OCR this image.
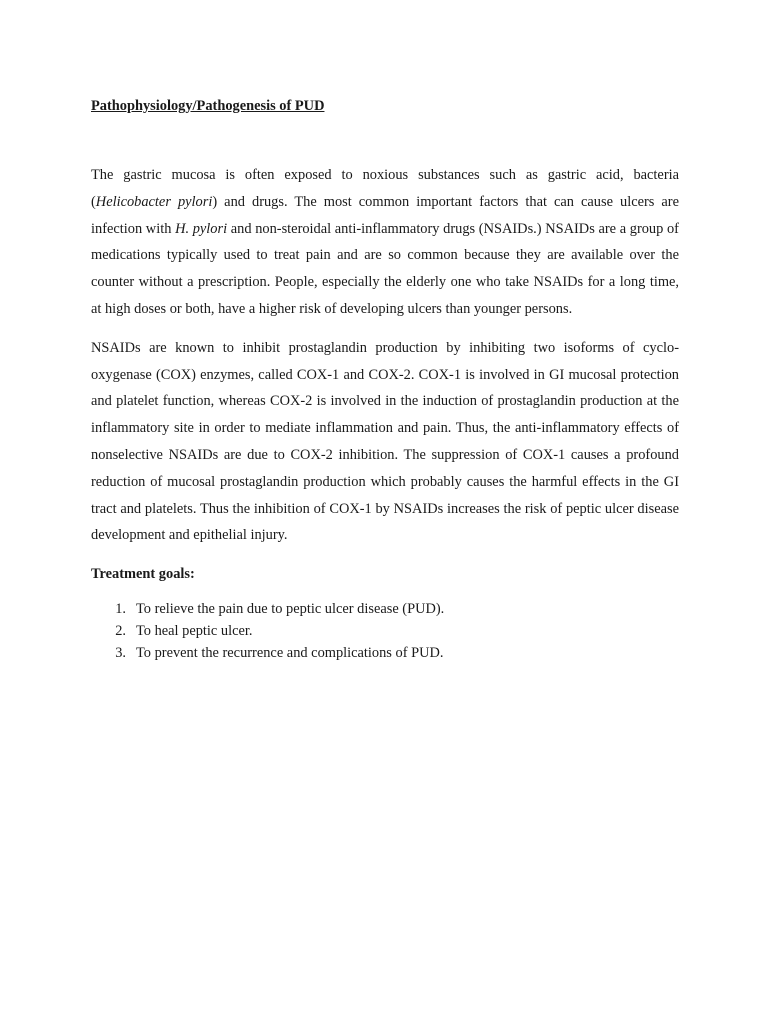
Pathophysiology/Pathogenesis of PUD

The gastric mucosa is often exposed to noxious substances such as gastric acid, bacteria (Helicobacter pylori) and drugs. The most common important factors that can cause ulcers are infection with H. pylori and non-steroidal anti-inflammatory drugs (NSAIDs.) NSAIDs are a group of medications typically used to treat pain and are so common because they are available over the counter without a prescription. People, especially the elderly one who take NSAIDs for a long time, at high doses or both, have a higher risk of developing ulcers than younger persons.

NSAIDs are known to inhibit prostaglandin production by inhibiting two isoforms of cyclo-oxygenase (COX) enzymes, called COX-1 and COX-2. COX-1 is involved in GI mucosal protection and platelet function, whereas COX-2 is involved in the induction of prostaglandin production at the inflammatory site in order to mediate inflammation and pain. Thus, the anti-inflammatory effects of nonselective NSAIDs are due to COX-2 inhibition. The suppression of COX-1 causes a profound reduction of mucosal prostaglandin production which probably causes the harmful effects in the GI tract and platelets. Thus the inhibition of COX-1 by NSAIDs increases the risk of peptic ulcer disease development and epithelial injury.

Treatment goals:

1. To relieve the pain due to peptic ulcer disease (PUD).
2. To heal peptic ulcer.
3. To prevent the recurrence and complications of PUD.
